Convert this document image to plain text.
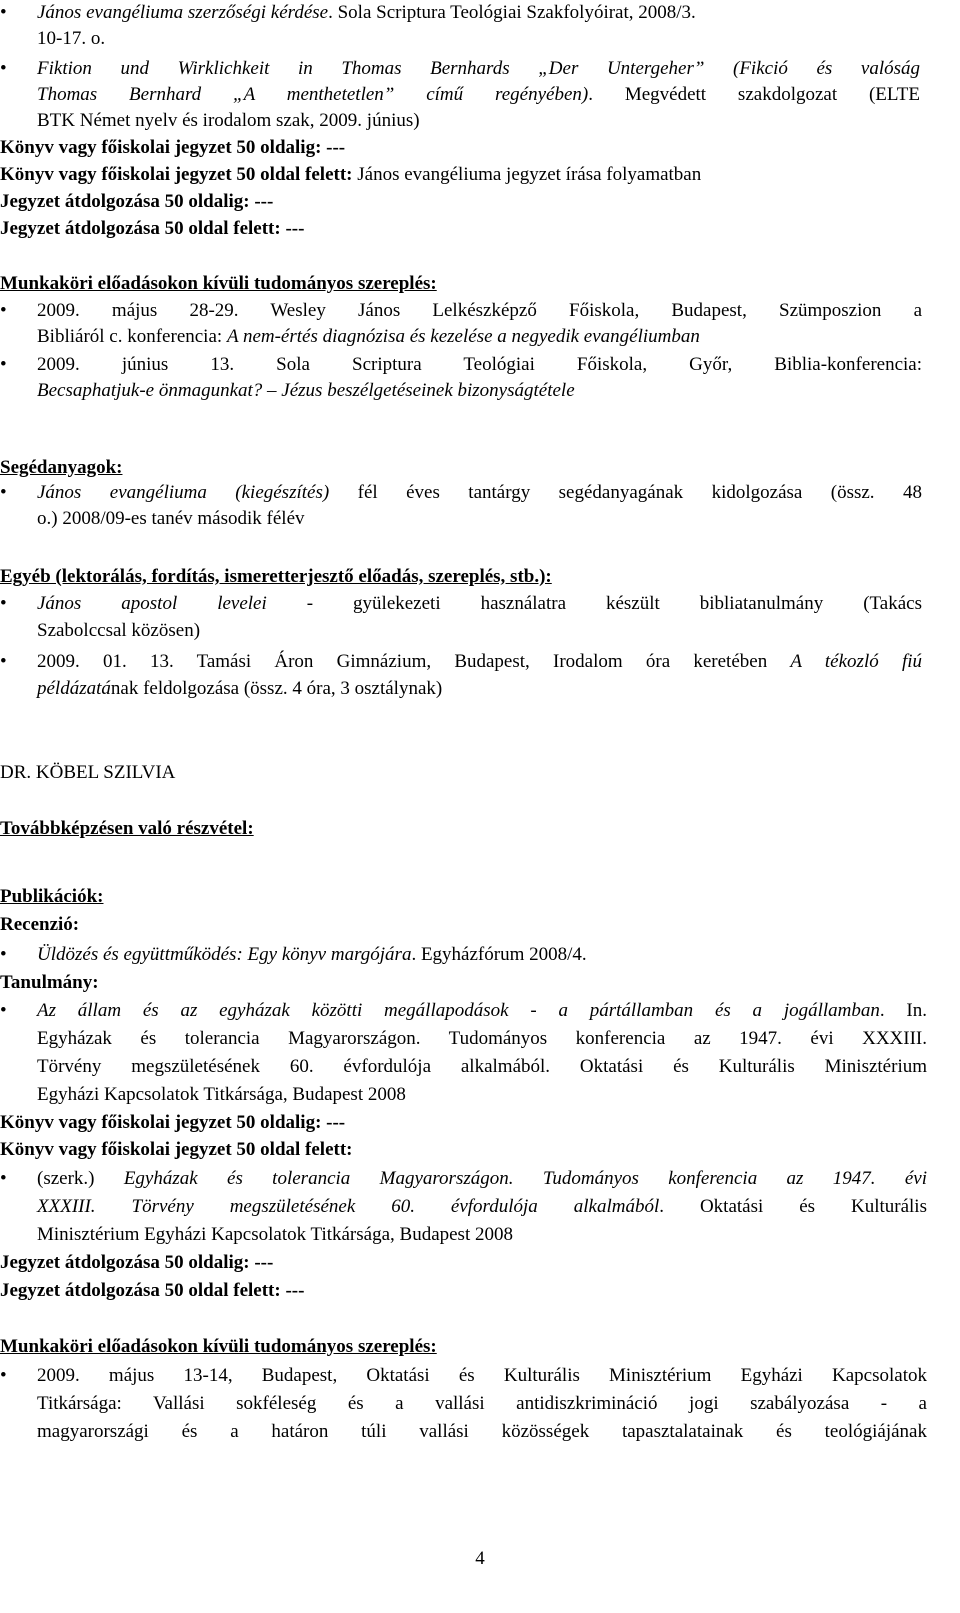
• János evangéliuma szerzőségi kérdése. Sola Scriptura Teológiai Szakfolyóirat, 2008/3.
10-17. o.
• Fiktion und Wirklichkeit in Thomas Bernhards „Der Untergeher” (Fikció és valóság
Thomas Bernhard „A menthetetlen” című regényében). Megvédett szakdolgozat (ELTE
BTK Német nyelv és irodalom szak, 2009. június)
Könyv vagy főiskolai jegyzet 50 oldalig: ---
Könyv vagy főiskolai jegyzet 50 oldal felett: János evangéliuma jegyzet írása folyamatban
Jegyzet átdolgozása 50 oldalig: ---
Jegyzet átdolgozása 50 oldal felett: ---
Munkaköri előadásokon kívüli tudományos szereplés:
• 2009. május 28-29. Wesley János Lelkészképző Főiskola, Budapest, Szümposzion a
Bibliáról c. konferencia: A nem-értés diagnózisa és kezelése a negyedik evangéliumban
• 2009. június 13. Sola Scriptura Teológiai Főiskola, Győr, Biblia-konferencia:
Becsaphatjuk-e önmagunkat? – Jézus beszélgetéseinek bizonyságtétele
Segédanyagok:
• János evangéliuma (kiegészítés) fél éves tantárgy segédanyagának kidolgozása (össz. 48
o.) 2008/09-es tanév második félév
Egyéb (lektorálás, fordítás, ismeretterjesztő előadás, szereplés, stb.):
• János apostol levelei - gyülekezeti használatra készült bibliatanulmány (Takács
Szabolccsal közösen)
• 2009. 01. 13. Tamási Áron Gimnázium, Budapest, Irodalom óra keretében A tékozló fiú
példázatának feldolgozása (össz. 4 óra, 3 osztálynak)
DR. KÖBEL SZILVIA
Továbbképzésen való részvétel:
Publikációk:
Recenzió:
• Üldözés és együttműködés: Egy könyv margójára. Egyházfórum 2008/4.
Tanulmány:
• Az állam és az egyházak közötti megállapodások - a pártállamban és a jogállamban. In.
Egyházak és tolerancia Magyarországon. Tudományos konferencia az 1947. évi XXXIII.
Törvény megszületésének 60. évfordulója alkalmából. Oktatási és Kulturális Minisztérium
Egyházi Kapcsolatok Titkársága, Budapest 2008
Könyv vagy főiskolai jegyzet 50 oldalig: ---
Könyv vagy főiskolai jegyzet 50 oldal felett:
• (szerk.) Egyházak és tolerancia Magyarországon. Tudományos konferencia az 1947. évi
XXXIII. Törvény megszületésének 60. évfordulója alkalmából. Oktatási és Kulturális
Minisztérium Egyházi Kapcsolatok Titkársága, Budapest 2008
Jegyzet átdolgozása 50 oldalig: ---
Jegyzet átdolgozása 50 oldal felett: ---
Munkaköri előadásokon kívüli tudományos szereplés:
• 2009. május 13-14, Budapest, Oktatási és Kulturális Minisztérium Egyházi Kapcsolatok
Titkársága: Vallási sokféleség és a vallási antidiszkrimináció jogi szabályozása - a
magyarországi és a határon túli vallási közösségek tapasztalatainak és teológiájának
4
